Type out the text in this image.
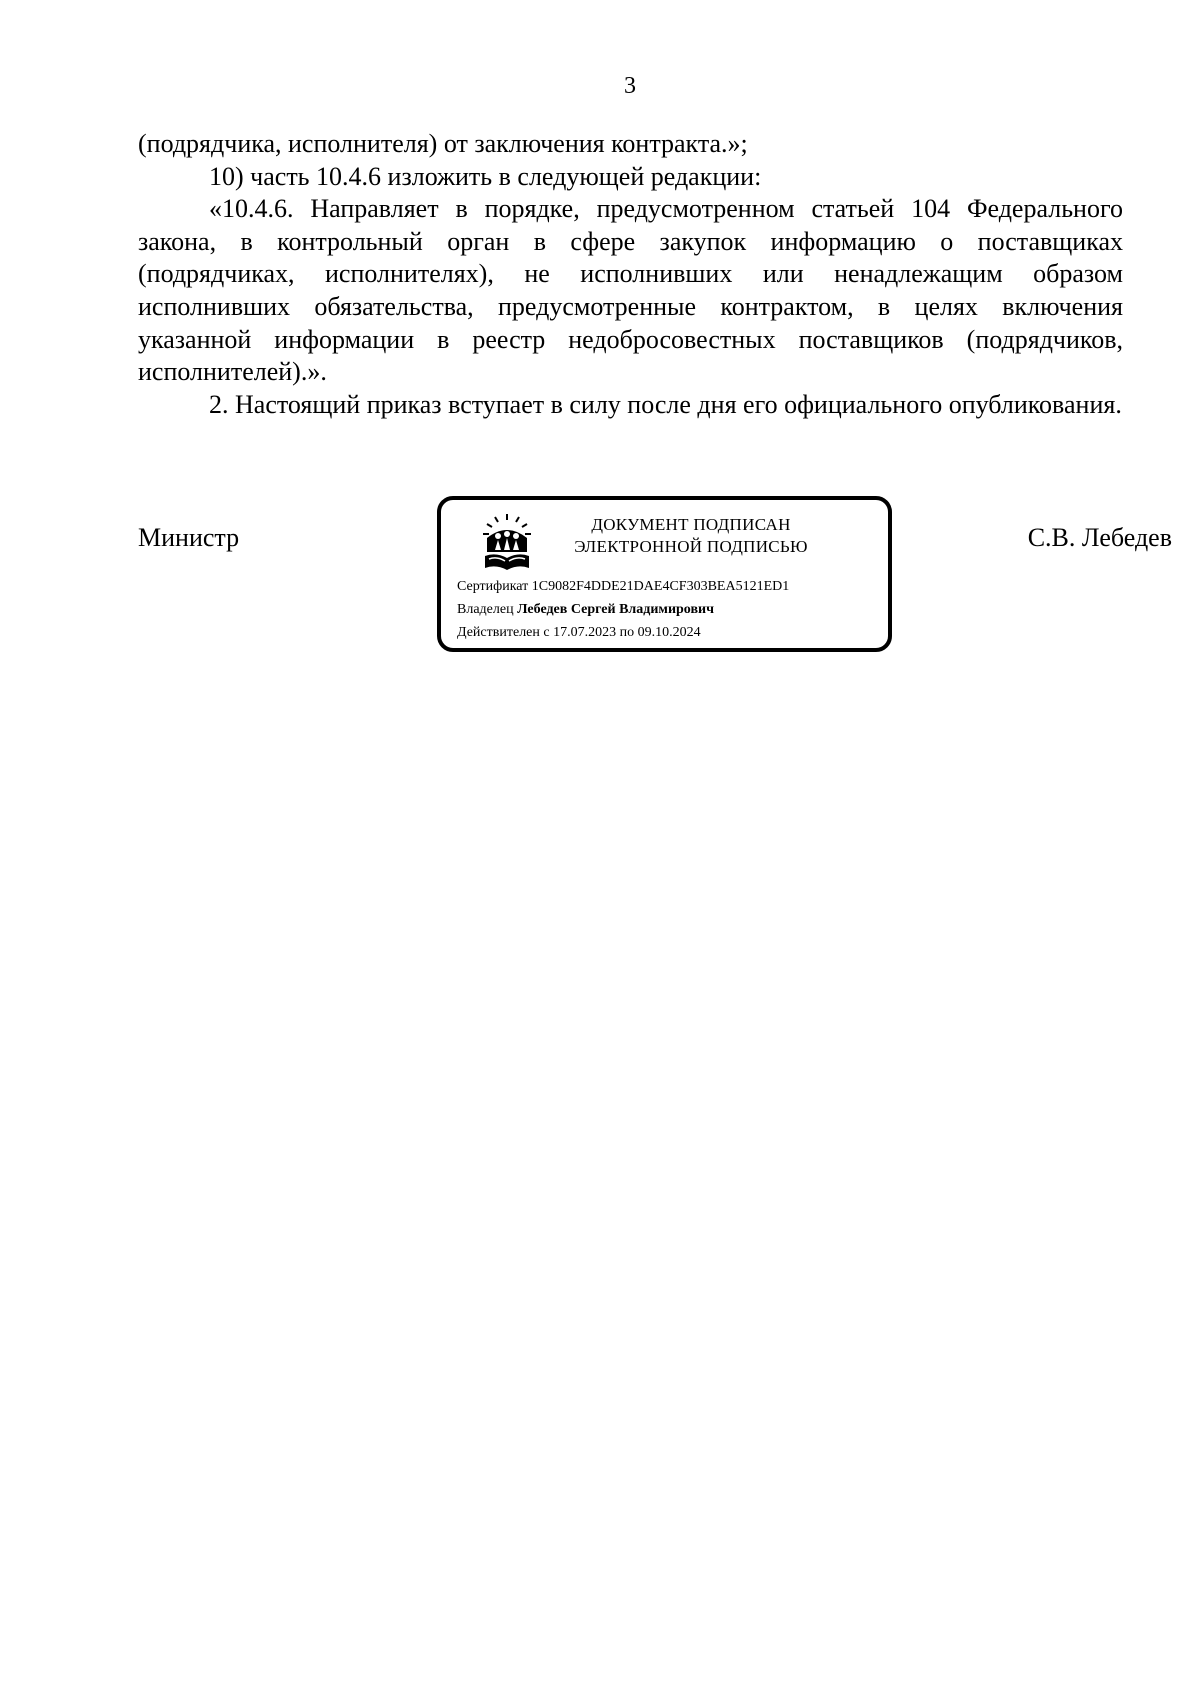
3

(подрядчика, исполнителя) от заключения контракта.»;

10) часть 10.4.6 изложить в следующей редакции:

«10.4.6. Направляет в порядке, предусмотренном статьей 104 Федерального закона, в контрольный орган в сфере закупок информацию о поставщиках (подрядчиках, исполнителях), не исполнивших или ненадлежащим образом исполнивших обязательства, предусмотренные контрактом, в целях включения указанной информации в реестр недобросовестных поставщиков (подрядчиков, исполнителей).».

2. Настоящий приказ вступает в силу после дня его официального опубликования.

Министр	ДОКУМЕНТ ПОДПИСАН
ЭЛЕКТРОННОЙ ПОДПИСЬЮ
Сертификат 1C9082F4DDE21DAE4CF303BEA5121ED1
Владелец Лебедев Сергей Владимирович
Действителен с 17.07.2023 по 09.10.2024
С.В. Лебедев
